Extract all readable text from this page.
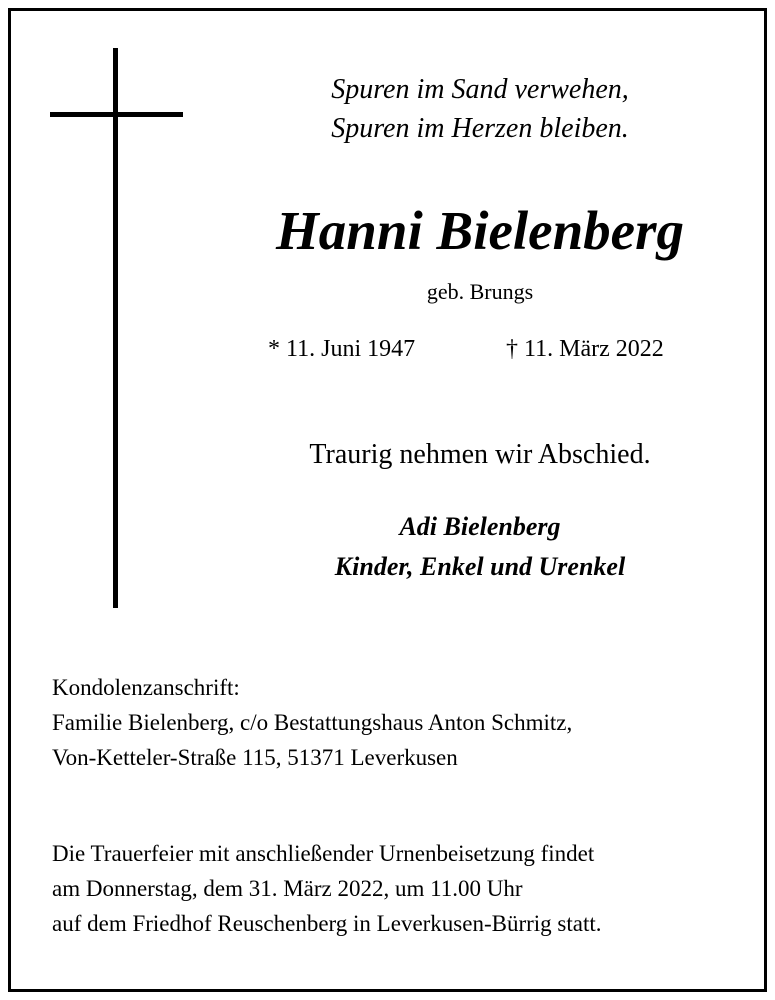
Spuren im Sand verwehen,
Spuren im Herzen bleiben.
Hanni Bielenberg
geb. Brungs
* 11. Juni 1947	† 11. März 2022
Traurig nehmen wir Abschied.
Adi Bielenberg
Kinder, Enkel und Urenkel
Kondolenzanschrift:
Familie Bielenberg, c/o Bestattungshaus Anton Schmitz,
Von-Ketteler-Straße 115, 51371 Leverkusen
Die Trauerfeier mit anschließender Urnenbeisetzung findet
am Donnerstag, dem 31. März 2022, um 11.00 Uhr
auf dem Friedhof Reuschenberg in Leverkusen-Bürrig statt.
